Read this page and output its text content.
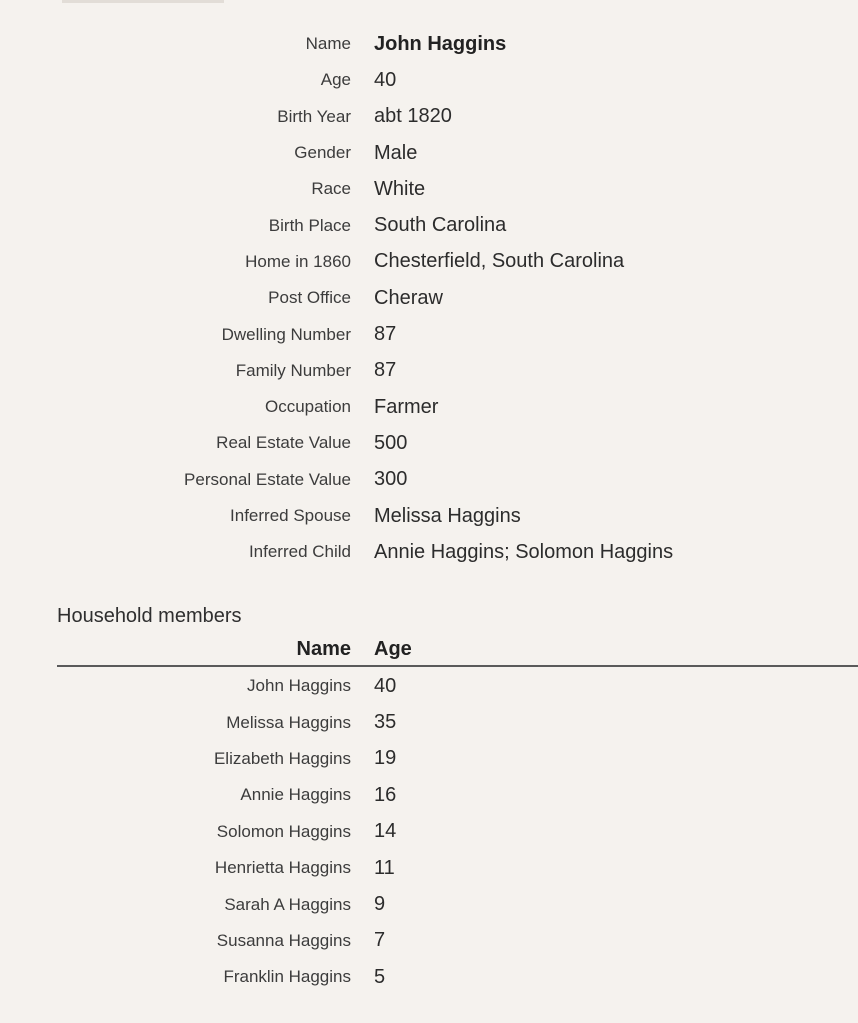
Name John Haggins
Age 40
Birth Year abt 1820
Gender Male
Race White
Birth Place South Carolina
Home in 1860 Chesterfield, South Carolina
Post Office Cheraw
Dwelling Number 87
Family Number 87
Occupation Farmer
Real Estate Value 500
Personal Estate Value 300
Inferred Spouse Melissa Haggins
Inferred Child Annie Haggins; Solomon Haggins
Household members
Name Age
John Haggins 40
Melissa Haggins 35
Elizabeth Haggins 19
Annie Haggins 16
Solomon Haggins 14
Henrietta Haggins 11
Sarah A Haggins 9
Susanna Haggins 7
Franklin Haggins 5
